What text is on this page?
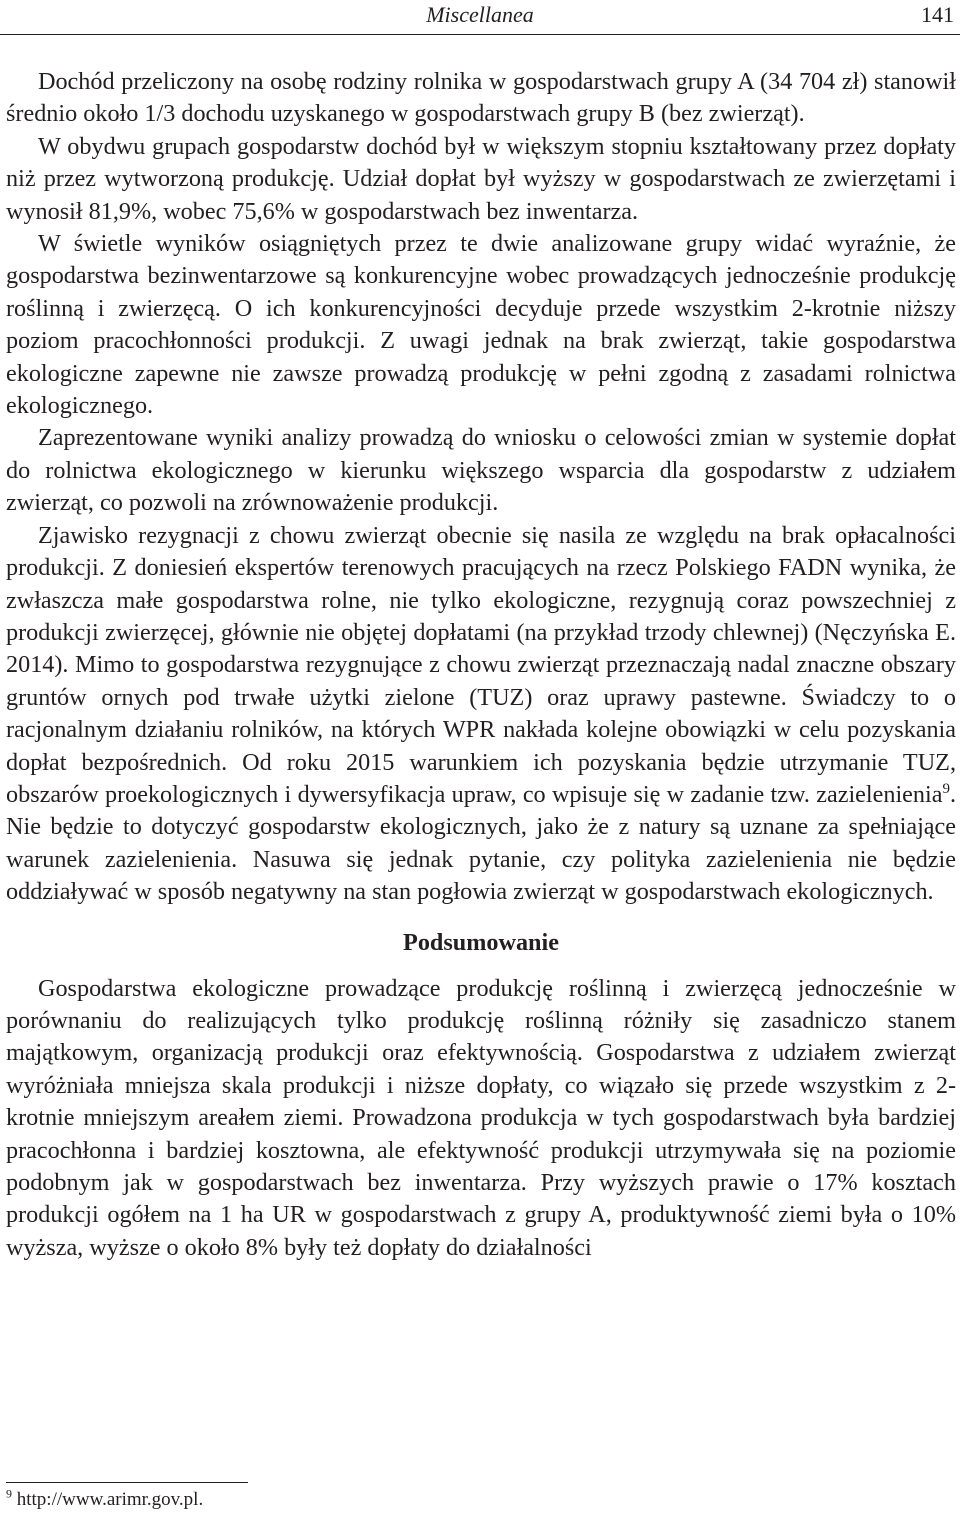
Miscellanea	141

Dochód przeliczony na osobę rodziny rolnika w gospodarstwach grupy A (34 704 zł) stanowił średnio około 1/3 dochodu uzyskanego w gospodarstwach grupy B (bez zwierząt).

W obydwu grupach gospodarstw dochód był w większym stopniu kształtowany przez dopłaty niż przez wytworzoną produkcję. Udział dopłat był wyższy w gospodarstwach ze zwierzętami i wynosił 81,9%, wobec 75,6% w gospodarstwach bez inwentarza.

W świetle wyników osiągniętych przez te dwie analizowane grupy widać wyraźnie, że gospodarstwa bezinwentarzowe są konkurencyjne wobec prowadzących jednocześnie produkcję roślinną i zwierzęcą. O ich konkurencyjności decyduje przede wszystkim 2-krotnie niższy poziom pracochłonności produkcji. Z uwagi jednak na brak zwierząt, takie gospodarstwa ekologiczne zapewne nie zawsze prowadzą produkcję w pełni zgodną z zasadami rolnictwa ekologicznego.

Zaprezentowane wyniki analizy prowadzą do wniosku o celowości zmian w systemie dopłat do rolnictwa ekologicznego w kierunku większego wsparcia dla gospodarstw z udziałem zwierząt, co pozwoli na zrównoważenie produkcji.

Zjawisko rezygnacji z chowu zwierząt obecnie się nasila ze względu na brak opłacalności produkcji. Z doniesień ekspertów terenowych pracujących na rzecz Polskiego FADN wynika, że zwłaszcza małe gospodarstwa rolne, nie tylko ekologiczne, rezygnują coraz powszechniej z produkcji zwierzęcej, głównie nie objętej dopłatami (na przykład trzody chlewnej) (Nęczyńska E. 2014). Mimo to gospodarstwa rezygnujące z chowu zwierząt przeznaczają nadal znaczne obszary gruntów ornych pod trwałe użytki zielone (TUZ) oraz uprawy pastewne. Świadczy to o racjonalnym działaniu rolników, na których WPR nakłada kolejne obowiązki w celu pozyskania dopłat bezpośrednich. Od roku 2015 warunkiem ich pozyskania będzie utrzymanie TUZ, obszarów proekologicznych i dywersyfikacja upraw, co wpisuje się w zadanie tzw. zazielenienia$^9$. Nie będzie to dotyczyć gospodarstw ekologicznych, jako że z natury są uznane za spełniające warunek zazielenienia. Nasuwa się jednak pytanie, czy polityka zazielenienia nie będzie oddziaływać w sposób negatywny na stan pogłowia zwierząt w gospodarstwach ekologicznych.

Podsumowanie

Gospodarstwa ekologiczne prowadzące produkcję roślinną i zwierzęcą jednocześnie w porównaniu do realizujących tylko produkcję roślinną różniły się zasadniczo stanem majątkowym, organizacją produkcji oraz efektywnością. Gospodarstwa z udziałem zwierząt wyróżniała mniejsza skala produkcji i niższe dopłaty, co wiązało się przede wszystkim z 2-krotnie mniejszym areałem ziemi. Prowadzona produkcja w tych gospodarstwach była bardziej pracochłonna i bardziej kosztowna, ale efektywność produkcji utrzymywała się na poziomie podobnym jak w gospodarstwach bez inwentarza. Przy wyższych prawie o 17% kosztach produkcji ogółem na 1 ha UR w gospodarstwach z grupy A, produktywność ziemi była o 10% wyższa, wyższe o około 8% były też dopłaty do działalności

$^9$ http://www.arimr.gov.pl.
